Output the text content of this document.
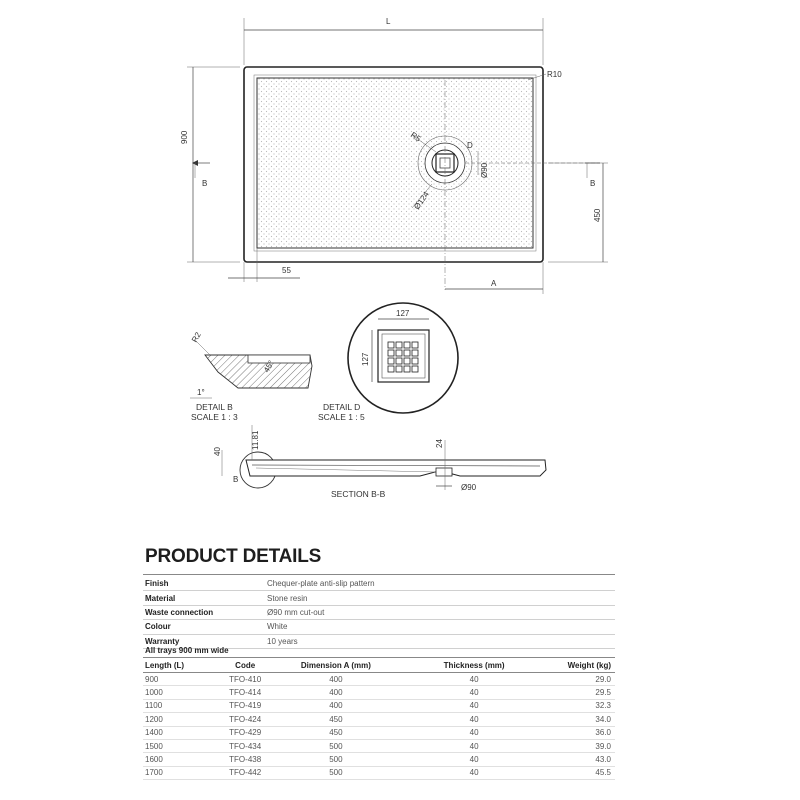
L
900
R10
R5
D
Ø90
Ø124
450
B	B
55
A
R2
1°
45°
DETAIL B
SCALE 1 : 3
127
127
DETAIL D
SCALE 1 : 5
40
11.81
B
24
Ø90
SECTION B-B
PRODUCT DETAILS
Finish	Chequer-plate anti-slip pattern
Material	Stone resin
Waste connection	Ø90 mm cut-out
Colour	White
Warranty	10 years
All trays 900 mm wide
Length (L)	Code	Dimension A (mm)	Thickness (mm)	Weight (kg)
900	TFO-410	400	40	29.0
1000	TFO-414	400	40	29.5
1100	TFO-419	400	40	32.3
1200	TFO-424	450	40	34.0
1400	TFO-429	450	40	36.0
1500	TFO-434	500	40	39.0
1600	TFO-438	500	40	43.0
1700	TFO-442	500	40	45.5
